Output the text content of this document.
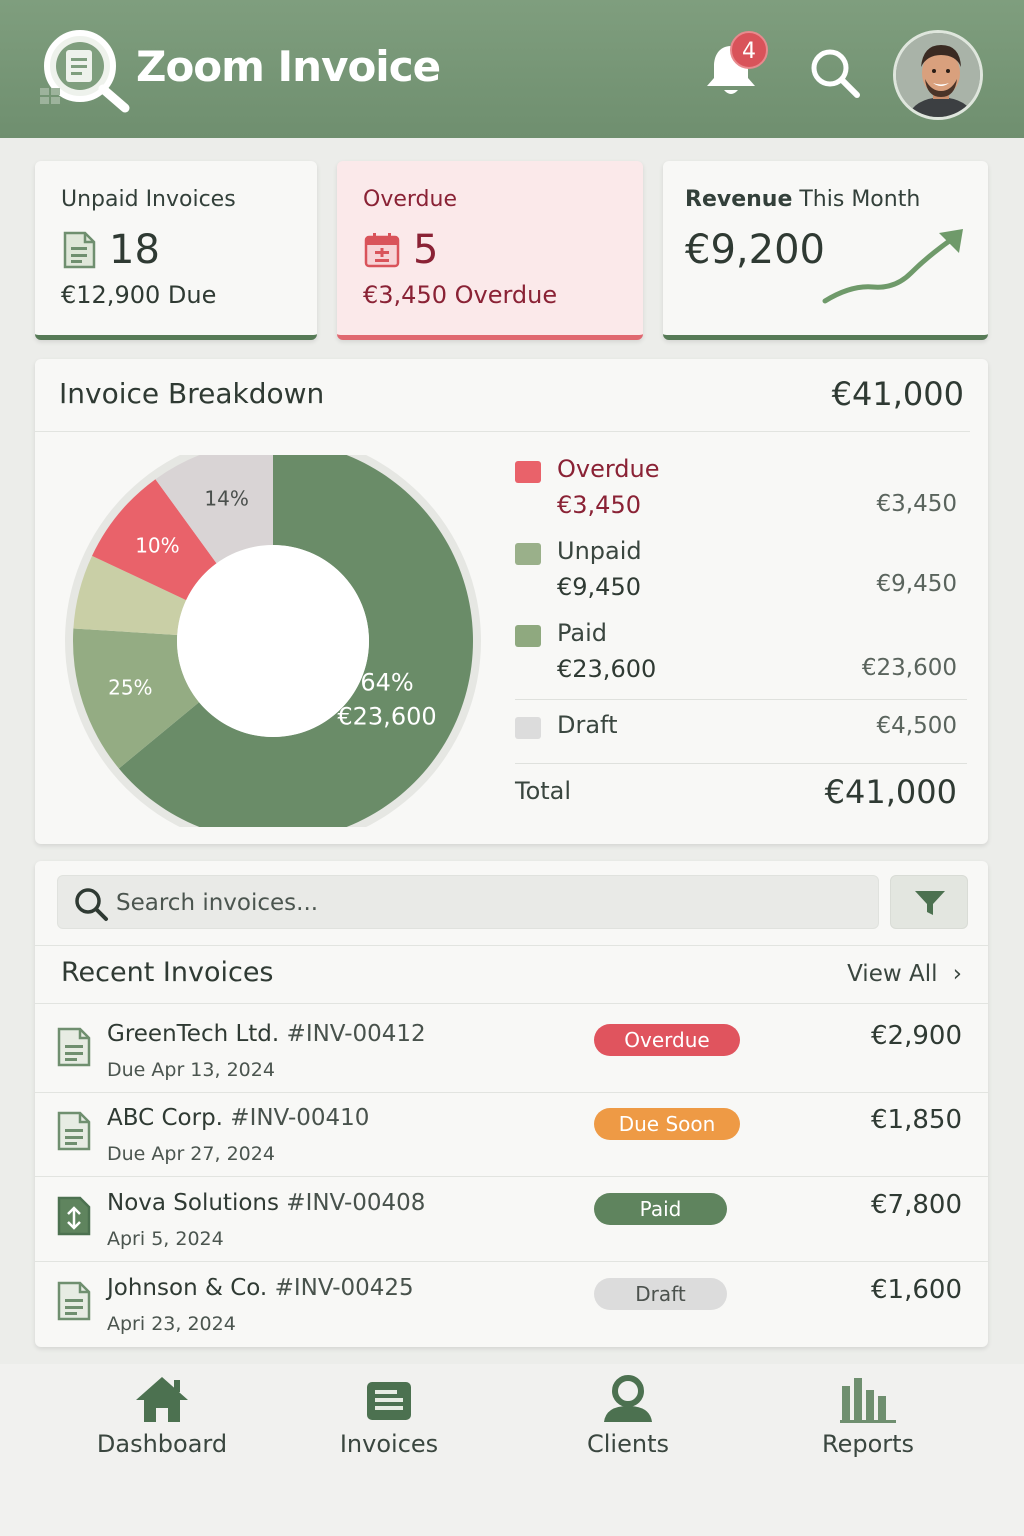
Zoom Invoice	4
Unpaid Invoices
18
€12,900 Due
Overdue
5
€3,450 Overdue
Revenue This Month
€9,200
Invoice Breakdown	€41,000
64%
€23,600
25%
10%
14%
Overdue
€3,450	€3,450
Unpaid
€9,450	€9,450
Paid
€23,600	€23,600
Draft	€4,500
Total	€41,000
Search invoices...
Recent Invoices	View All ›
GreenTech Ltd. #INV-00412
Due Apr 13, 2024
Overdue	€2,900
ABC Corp. #INV-00410
Due Apr 27, 2024
Due Soon	€1,850
Nova Solutions #INV-00408
Apri 5, 2024
Paid	€7,800
Johnson & Co. #INV-00425
Apri 23, 2024
Draft	€1,600
Dashboard	Invoices	Clients	Reports
